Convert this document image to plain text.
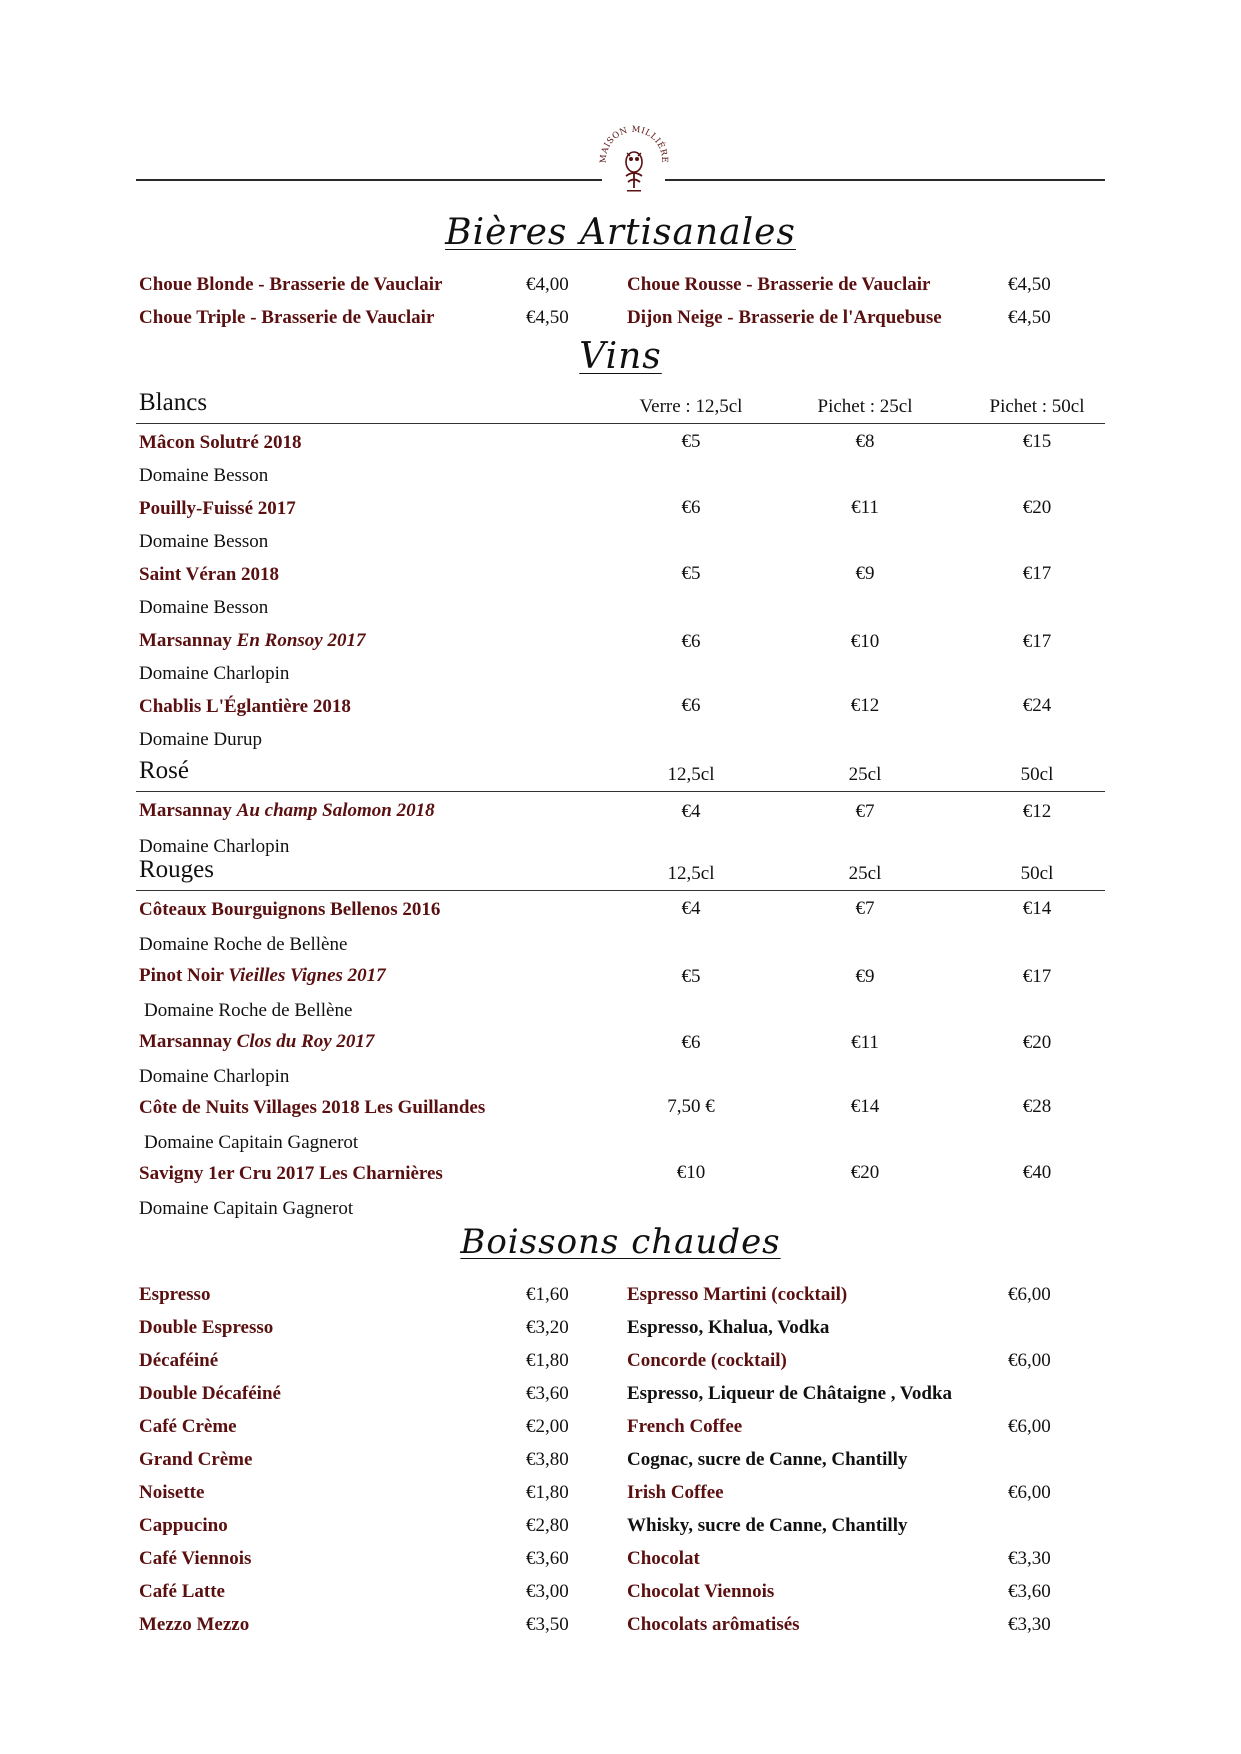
MAISON MILLIÈRE
Bières Artisanales
Choue Blonde - Brasserie de Vauclair	€4,00	Choue Rousse - Brasserie de Vauclair	€4,50
Choue Triple - Brasserie de Vauclair	€4,50	Dijon Neige - Brasserie de l'Arquebuse	€4,50
Vins
Blancs	Verre : 12,5cl	Pichet : 25cl	Pichet : 50cl
Mâcon Solutré 2018	€5	€8	€15
Domaine Besson
Pouilly-Fuissé 2017	€6	€11	€20
Domaine Besson
Saint Véran 2018	€5	€9	€17
Domaine Besson
Marsannay En Ronsoy 2017	€6	€10	€17
Domaine Charlopin
Chablis L'Églantière 2018	€6	€12	€24
Domaine Durup
Rosé	12,5cl	25cl	50cl
Marsannay Au champ Salomon 2018	€4	€7	€12
Domaine Charlopin
Rouges	12,5cl	25cl	50cl
Côteaux Bourguignons Bellenos 2016	€4	€7	€14
Domaine Roche de Bellène
Pinot Noir Vieilles Vignes 2017	€5	€9	€17
Domaine Roche de Bellène
Marsannay Clos du Roy 2017	€6	€11	€20
Domaine Charlopin
Côte de Nuits Villages 2018 Les Guillandes	7,50 €	€14	€28
Domaine Capitain Gagnerot
Savigny 1er Cru 2017 Les Charnières	€10	€20	€40
Domaine Capitain Gagnerot
Boissons chaudes
Espresso	€1,60
Double Espresso	€3,20
Décaféiné	€1,80
Double Décaféiné	€3,60
Café Crème	€2,00
Grand Crème	€3,80
Noisette	€1,80
Cappucino	€2,80
Café Viennois	€3,60
Café Latte	€3,00
Mezzo Mezzo	€3,50
Espresso Martini (cocktail)	€6,00
Espresso, Khalua, Vodka
Concorde (cocktail)	€6,00
Espresso, Liqueur de Châtaigne , Vodka
French Coffee	€6,00
Cognac, sucre de Canne, Chantilly
Irish Coffee	€6,00
Whisky, sucre de Canne, Chantilly
Chocolat	€3,30
Chocolat Viennois	€3,60
Chocolats arômatisés	€3,30
